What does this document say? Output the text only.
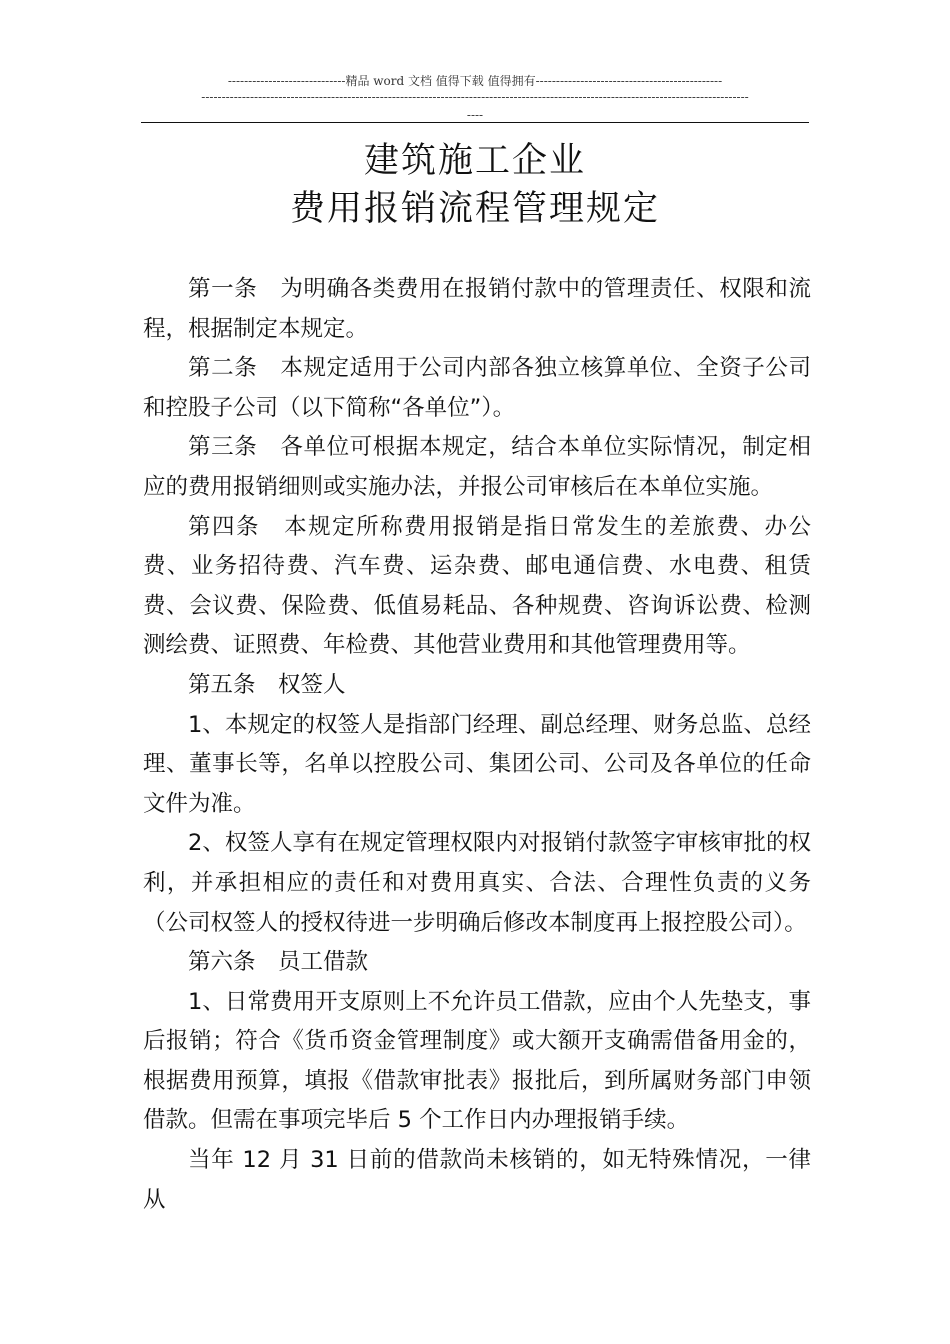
-----------------------------精品 word 文档 值得下载 值得拥有----------------------------------------------
---------------------------------------------------------------------------------------------------------------------------------------
----
建筑施工企业
费用报销流程管理规定

第一条　为明确各类费用在报销付款中的管理责任、权限和流程，根据制定本规定。

第二条　本规定适用于公司内部各独立核算单位、全资子公司和控股子公司（以下简称“各单位”）。

第三条　各单位可根据本规定，结合本单位实际情况，制定相应的费用报销细则或实施办法，并报公司审核后在本单位实施。

第四条　本规定所称费用报销是指日常发生的差旅费、办公费、业务招待费、汽车费、运杂费、邮电通信费、水电费、租赁费、会议费、保险费、低值易耗品、各种规费、咨询诉讼费、检测测绘费、证照费、年检费、其他营业费用和其他管理费用等。

第五条　权签人

1、本规定的权签人是指部门经理、副总经理、财务总监、总经理、董事长等，名单以控股公司、集团公司、公司及各单位的任命文件为准。

2、权签人享有在规定管理权限内对报销付款签字审核审批的权利，并承担相应的责任和对费用真实、合法、合理性负责的义务（公司权签人的授权待进一步明确后修改本制度再上报控股公司）。

第六条　员工借款

1、日常费用开支原则上不允许员工借款，应由个人先垫支，事后报销；符合《货币资金管理制度》或大额开支确需借备用金的，根据费用预算，填报《借款审批表》报批后，到所属财务部门申领借款。但需在事项完毕后 5 个工作日内办理报销手续。

当年 12 月 31 日前的借款尚未核销的，如无特殊情况，一律从
